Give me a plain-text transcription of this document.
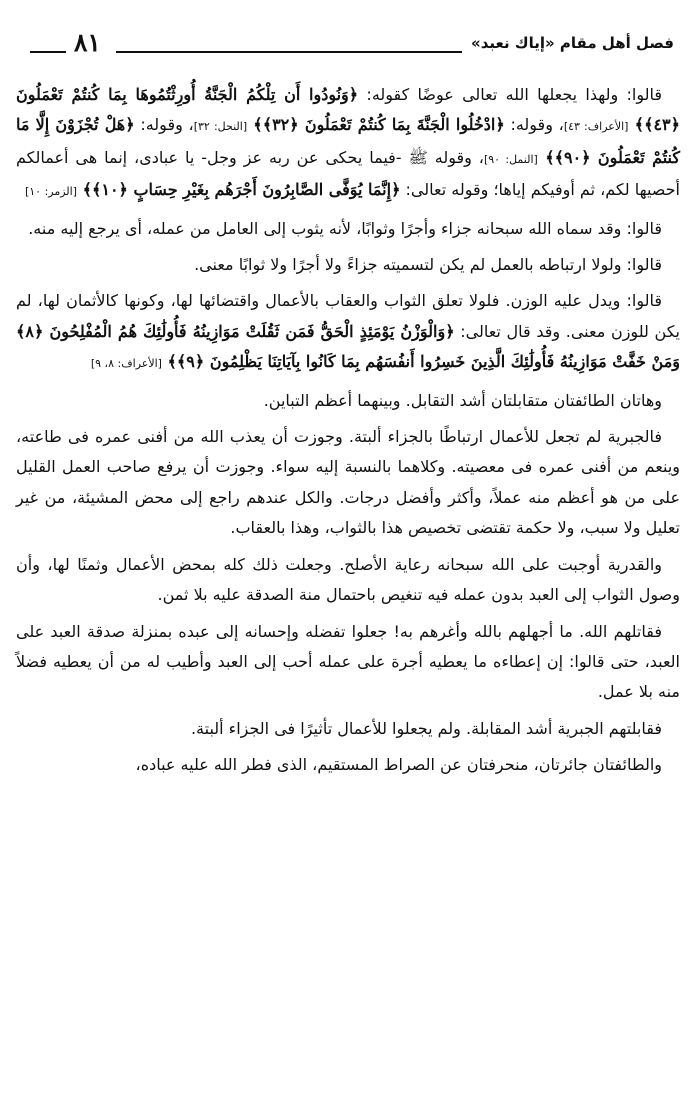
فصل أهل مقام «إياك نعبد»
٨١

قالوا: ولهذا يجعلها الله تعالى عوضًا كقوله: ﴿وَنُودُوا أَن تِلْكُمُ الْجَنَّةُ أُورِثْتُمُوهَا بِمَا كُنتُمْ تَعْمَلُونَ ﴿٤٣﴾﴾ [الأعراف: ٤٣]، وقوله: ﴿ادْخُلُوا الْجَنَّةَ بِمَا كُنتُمْ تَعْمَلُونَ ﴿٣٢﴾﴾ [النحل: ٣٢]، وقوله: ﴿هَلْ تُجْزَوْنَ إِلَّا مَا كُنتُمْ تَعْمَلُونَ ﴿٩٠﴾﴾ [النمل: ٩٠]، وقوله ﷺ -فيما يحكى عن ربه عز وجل- يا عبادى، إنما هى أعمالكم أحصيها لكم، ثم أوفيكم إياها؛ وقوله تعالى: ﴿إِنَّمَا يُوَفَّى الصَّابِرُونَ أَجْرَهُم بِغَيْرِ حِسَابٍ ﴿١٠﴾﴾ [الزمر: ١٠]

قالوا: وقد سماه الله سبحانه جزاء وأجرًا وثوابًا، لأنه يثوب إلى العامل من عمله، أى يرجع إليه منه.

قالوا: ولولا ارتباطه بالعمل لم يكن لتسميته جزاءً ولا أجرًا ولا ثوابًا معنى.

قالوا: ويدل عليه الوزن. فلولا تعلق الثواب والعقاب بالأعمال واقتضائها لها، وكونها كالأثمان لها، لم يكن للوزن معنى. وقد قال تعالى: ﴿وَالْوَزْنُ يَوْمَئِذٍ الْحَقُّ فَمَن ثَقُلَتْ مَوَازِينُهُ فَأُولَٰئِكَ هُمُ الْمُفْلِحُونَ ﴿٨﴾ وَمَنْ خَفَّتْ مَوَازِينُهُ فَأُولَٰئِكَ الَّذِينَ خَسِرُوا أَنفُسَهُم بِمَا كَانُوا بِآيَاتِنَا يَظْلِمُونَ ﴿٩﴾﴾ [الأعراف: ٨، ٩]

وهاتان الطائفتان متقابلتان أشد التقابل. وبينهما أعظم التباين.

فالجبرية لم تجعل للأعمال ارتباطًا بالجزاء ألبتة. وجوزت أن يعذب الله من أفنى عمره فى طاعته، وينعم من أفنى عمره فى معصيته. وكلاهما بالنسبة إليه سواء. وجوزت أن يرفع صاحب العمل القليل على من هو أعظم منه عملاً، وأكثر وأفضل درجات. والكل عندهم راجع إلى محض المشيئة، من غير تعليل ولا سبب، ولا حكمة تقتضى تخصيص هذا بالثواب، وهذا بالعقاب.

والقدرية أوجبت على الله سبحانه رعاية الأصلح. وجعلت ذلك كله بمحض الأعمال وثمنًا لها، وأن وصول الثواب إلى العبد بدون عمله فيه تنغيص باحتمال منة الصدقة عليه بلا ثمن.

فقاتلهم الله. ما أجهلهم بالله وأغرهم به! جعلوا تفضله وإحسانه إلى عبده بمنزلة صدقة العبد على العبد، حتى قالوا: إن إعطاءه ما يعطيه أجرة على عمله أحب إلى العبد وأطيب له من أن يعطيه فضلاً منه بلا عمل.

فقابلتهم الجبرية أشد المقابلة. ولم يجعلوا للأعمال تأثيرًا فى الجزاء ألبتة.

والطائفتان جائرتان، منحرفتان عن الصراط المستقيم، الذى فطر الله عليه عباده،
